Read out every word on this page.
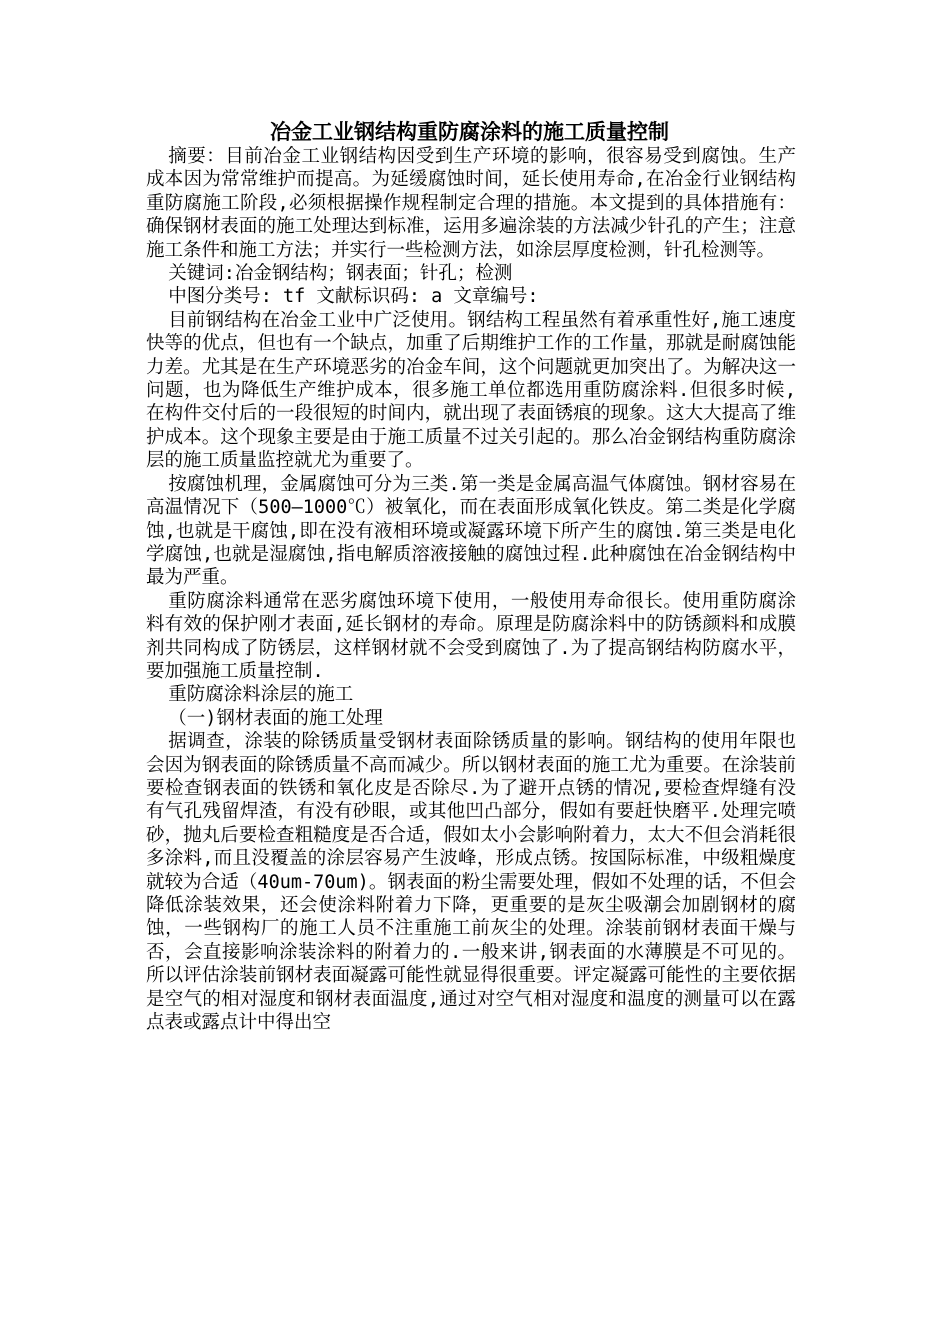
冶金工业钢结构重防腐涂料的施工质量控制

摘要：目前冶金工业钢结构因受到生产环境的影响，很容易受到腐蚀。生产成本因为常常维护而提高。为延缓腐蚀时间，延长使用寿命,在冶金行业钢结构重防腐施工阶段,必须根据操作规程制定合理的措施。本文提到的具体措施有：确保钢材表面的施工处理达到标准，运用多遍涂装的方法减少针孔的产生；注意施工条件和施工方法；并实行一些检测方法，如涂层厚度检测，针孔检测等。

关键词:冶金钢结构；钢表面；针孔；检测

中图分类号: tf 文献标识码: a 文章编号:

目前钢结构在冶金工业中广泛使用。钢结构工程虽然有着承重性好,施工速度快等的优点，但也有一个缺点，加重了后期维护工作的工作量，那就是耐腐蚀能力差。尤其是在生产环境恶劣的冶金车间，这个问题就更加突出了。为解决这一问题，也为降低生产维护成本，很多施工单位都选用重防腐涂料.但很多时候,在构件交付后的一段很短的时间内，就出现了表面锈痕的现象。这大大提高了维护成本。这个现象主要是由于施工质量不过关引起的。那么冶金钢结构重防腐涂层的施工质量监控就尤为重要了。

按腐蚀机理，金属腐蚀可分为三类.第一类是金属高温气体腐蚀。钢材容易在高温情况下（500—1000℃）被氧化，而在表面形成氧化铁皮。第二类是化学腐蚀,也就是干腐蚀,即在没有液相环境或凝露环境下所产生的腐蚀.第三类是电化学腐蚀,也就是湿腐蚀,指电解质溶液接触的腐蚀过程.此种腐蚀在冶金钢结构中最为严重。

重防腐涂料通常在恶劣腐蚀环境下使用，一般使用寿命很长。使用重防腐涂料有效的保护刚才表面,延长钢材的寿命。原理是防腐涂料中的防锈颜料和成膜剂共同构成了防锈层，这样钢材就不会受到腐蚀了.为了提高钢结构防腐水平，要加强施工质量控制.

重防腐涂料涂层的施工

（一)钢材表面的施工处理

据调查，涂装的除锈质量受钢材表面除锈质量的影响。钢结构的使用年限也会因为钢表面的除锈质量不高而减少。所以钢材表面的施工尤为重要。在涂装前要检查钢表面的铁锈和氧化皮是否除尽.为了避开点锈的情况,要检查焊缝有没有气孔残留焊渣，有没有砂眼，或其他凹凸部分，假如有要赶快磨平.处理完喷砂，抛丸后要检查粗糙度是否合适，假如太小会影响附着力，太大不但会消耗很多涂料,而且没覆盖的涂层容易产生波峰，形成点锈。按国际标准，中级粗燥度就较为合适（40um-70um)。钢表面的粉尘需要处理，假如不处理的话，不但会降低涂装效果，还会使涂料附着力下降，更重要的是灰尘吸潮会加剧钢材的腐蚀，一些钢构厂的施工人员不注重施工前灰尘的处理。涂装前钢材表面干燥与否，会直接影响涂装涂料的附着力的.一般来讲,钢表面的水薄膜是不可见的。所以评估涂装前钢材表面凝露可能性就显得很重要。评定凝露可能性的主要依据是空气的相对湿度和钢材表面温度,通过对空气相对湿度和温度的测量可以在露点表或露点计中得出空
